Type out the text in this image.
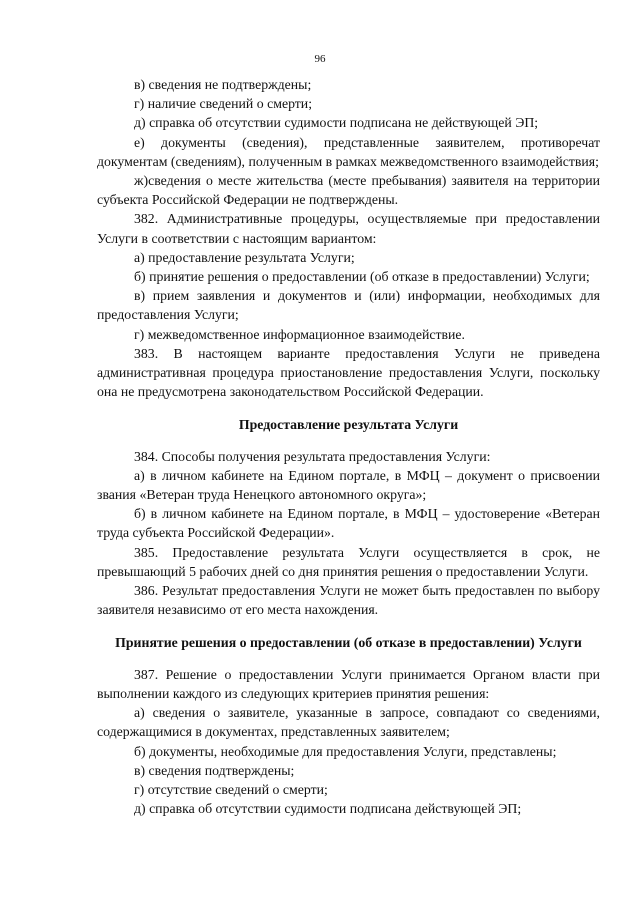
96

в) сведения не подтверждены;

г) наличие сведений о смерти;

д) справка об отсутствии судимости подписана не действующей ЭП;

е) документы (сведения), представленные заявителем, противоречат документам (сведениям), полученным в рамках межведомственного взаимодействия;

ж)сведения о месте жительства (месте пребывания) заявителя на территории субъекта Российской Федерации не подтверждены.

382. Административные процедуры, осуществляемые при предоставлении Услуги в соответствии с настоящим вариантом:

а) предоставление результата Услуги;

б) принятие решения о предоставлении (об отказе в предоставлении) Услуги;

в) прием заявления и документов и (или) информации, необходимых для предоставления Услуги;

г) межведомственное информационное взаимодействие.

383. В настоящем варианте предоставления Услуги не приведена административная процедура приостановление предоставления Услуги, поскольку она не предусмотрена законодательством Российской Федерации.

Предоставление результата Услуги

384. Способы получения результата предоставления Услуги:

а) в личном кабинете на Едином портале, в МФЦ – документ о присвоении звания «Ветеран труда Ненецкого автономного округа»;

б) в личном кабинете на Едином портале, в МФЦ – удостоверение «Ветеран труда субъекта Российской Федерации».

385. Предоставление результата Услуги осуществляется в срок, не превышающий 5 рабочих дней со дня принятия решения о предоставлении Услуги.

386. Результат предоставления Услуги не может быть предоставлен по выбору заявителя независимо от его места нахождения.

Принятие решения о предоставлении (об отказе в предоставлении) Услуги

387. Решение о предоставлении Услуги принимается Органом власти при выполнении каждого из следующих критериев принятия решения:

а) сведения о заявителе, указанные в запросе, совпадают со сведениями, содержащимися в документах, представленных заявителем;

б) документы, необходимые для предоставления Услуги, представлены;

в) сведения подтверждены;

г) отсутствие сведений о смерти;

д) справка об отсутствии судимости подписана действующей ЭП;
